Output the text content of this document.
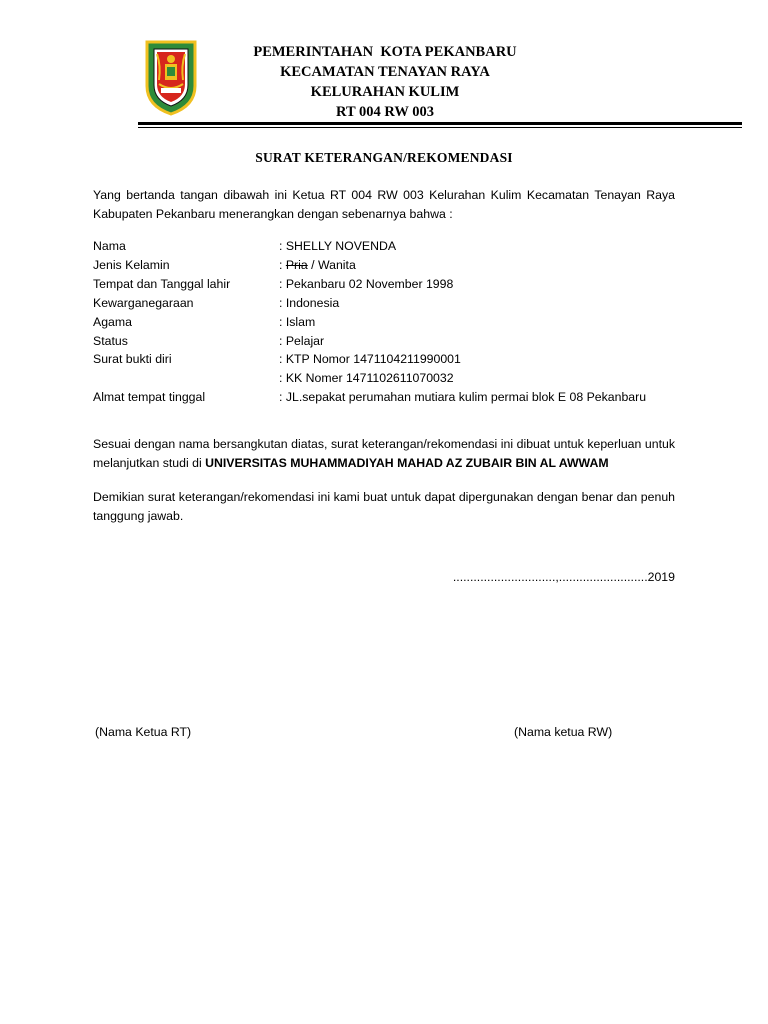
PEMERINTAHAN  KOTA PEKANBARU
KECAMATAN TENAYAN RAYA
KELURAHAN KULIM
RT 004 RW 003
SURAT KETERANGAN/REKOMENDASI
Yang bertanda tangan dibawah ini Ketua RT 004 RW 003 Kelurahan Kulim Kecamatan Tenayan Raya Kabupaten Pekanbaru menerangkan dengan sebenarnya bahwa :
Nama	: SHELLY NOVENDA
Jenis Kelamin	: Pria / Wanita
Tempat dan Tanggal lahir	: Pekanbaru 02 November 1998
Kewarganegaraan	: Indonesia
Agama	: Islam
Status	: Pelajar
Surat bukti diri	: KTP Nomor 1471104211990001
: KK Nomer 1471102611070032
Almat tempat tinggal	: JL.sepakat perumahan mutiara kulim permai blok E 08 Pekanbaru
Sesuai dengan nama bersangkutan diatas, surat keterangan/rekomendasi ini dibuat untuk keperluan untuk melanjutkan studi di UNIVERSITAS MUHAMMADIYAH MAHAD AZ ZUBAIR BIN AL AWWAM
Demikian surat keterangan/rekomendasi ini kami buat untuk dapat dipergunakan dengan benar dan penuh tanggung jawab.
..............................,..........................2019
(Nama Ketua RT)	(Nama ketua RW)
